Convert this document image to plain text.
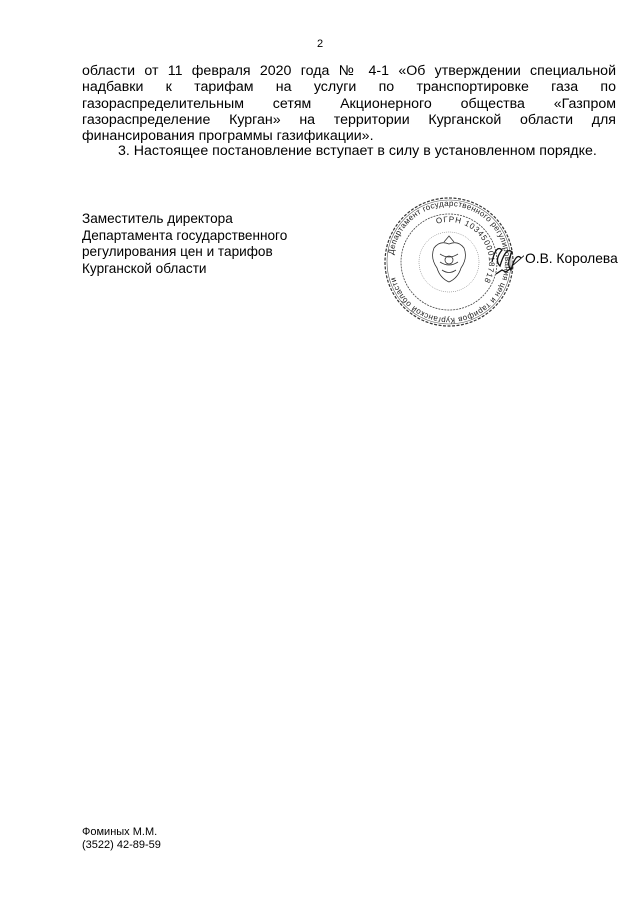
2
области от 11 февраля 2020 года № 4-1 «Об утверждении специальной
надбавки к тарифам на услуги по транспортировке газа по
газораспределительным сетям Акционерного общества «Газпром
газораспределение Курган» на территории Курганской области для
финансирования программы газификации».
3. Настоящее постановление вступает в силу в установленном порядке.
Заместитель директора
Департамента государственного
регулирования цен и тарифов
Курганской области
Департамент государственного регулирования цен и тарифов Курганской области
ОГРН 1034500018718
О.В. Королева
Фоминых М.М.
(3522) 42-89-59
